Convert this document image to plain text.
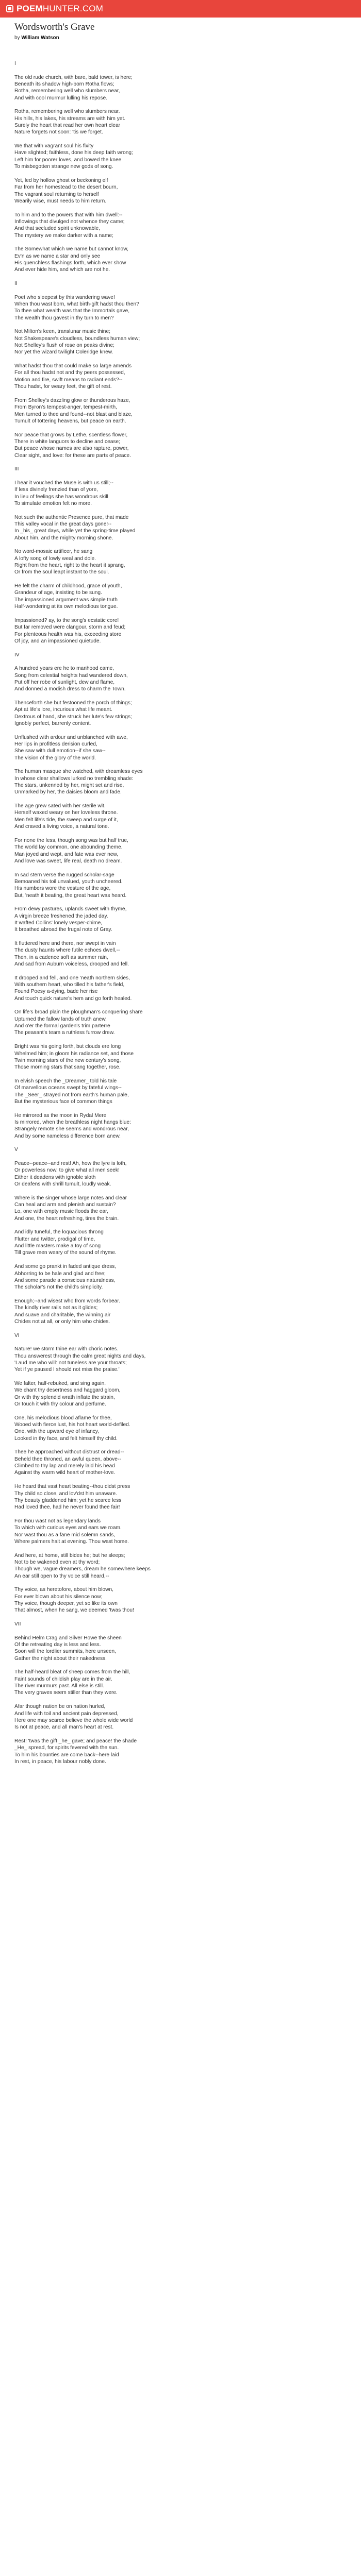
POEMHUNTER.COM
Wordsworth's Grave
by William Watson
I
The old rude church, with bare, bald tower, is here;
Beneath its shadow high-born Rotha flows;
Rotha, remembering well who slumbers near,
And with cool murmur lulling his repose.
Rotha, remembering well who slumbers near.
His hills, his lakes, his streams are with him yet.
Surely the heart that read her own heart clear
Nature forgets not soon: 'tis we forget.
We that with vagrant soul his fixity
Have slighted; faithless, done his deep faith wrong;
Left him for poorer loves, and bowed the knee
To misbegotten strange new gods of song.
Yet, led by hollow ghost or beckoning elf
Far from her homestead to the desert bourn,
The vagrant soul returning to herself
Wearily wise, must needs to him return.
To him and to the powers that with him dwell:--
Inflowings that divulged not whence they came;
And that secluded spirit unknowable,
The mystery we make darker with a name;
The Somewhat which we name but cannot know,
Ev'n as we name a star and only see
His quenchless flashings forth, which ever show
And ever hide him, and which are not he.
II
Poet who sleepest by this wandering wave!
When thou wast born, what birth-gift hadst thou then?
To thee what wealth was that the Immortals gave,
The wealth thou gavest in thy turn to men?
Not Milton's keen, translunar music thine;
Not Shakespeare's cloudless, boundless human view;
Not Shelley's flush of rose on peaks divine;
Nor yet the wizard twilight Coleridge knew.
What hadst thou that could make so large amends
For all thou hadst not and thy peers possessed,
Motion and fire, swift means to radiant ends?--
Thou hadst, for weary feet, the gift of rest.
From Shelley's dazzling glow or thunderous haze,
From Byron's tempest-anger, tempest-mirth,
Men turned to thee and found--not blast and blaze,
Tumult of tottering heavens, but peace on earth.
Nor peace that grows by Lethe, scentless flower,
There in white languors to decline and cease;
But peace whose names are also rapture, power,
Clear sight, and love: for these are parts of peace.
III
I hear it vouched the Muse is with us still;--
If less divinely frenzied than of yore,
In lieu of feelings she has wondrous skill
To simulate emotion felt no more.
Not such the authentic Presence pure, that made
This valley vocal in the great days gone!--
In _his_ great days, while yet the spring-time played
About him, and the mighty morning shone.
No word-mosaic artificer, he sang
A lofty song of lowly weal and dole.
Right from the heart, right to the heart it sprang,
Or from the soul leapt instant to the soul.
He felt the charm of childhood, grace of youth,
Grandeur of age, insisting to be sung.
The impassioned argument was simple truth
Half-wondering at its own melodious tongue.
Impassioned? ay, to the song's ecstatic core!
But far removed were clangour, storm and feud;
For plenteous health was his, exceeding store
Of joy, and an impassioned quietude.
IV
A hundred years ere he to manhood came,
Song from celestial heights had wandered down,
Put off her robe of sunlight, dew and flame,
And donned a modish dress to charm the Town.
Thenceforth she but festooned the porch of things;
Apt at life's lore, incurious what life meant.
Dextrous of hand, she struck her lute's few strings;
Ignobly perfect, barrenly content.
Unflushed with ardour and unblanched with awe,
Her lips in profitless derision curled,
She saw with dull emotion--if she saw--
The vision of the glory of the world.
The human masque she watched, with dreamless eyes
In whose clear shallows lurked no trembling shade:
The stars, unkenned by her, might set and rise,
Unmarked by her, the daisies bloom and fade.
The age grew sated with her sterile wit.
Herself waxed weary on her loveless throne.
Men felt life's tide, the sweep and surge of it,
And craved a living voice, a natural tone.
For none the less, though song was but half true,
The world lay common, one abounding theme.
Man joyed and wept, and fate was ever new,
And love was sweet, life real, death no dream.
In sad stern verse the rugged scholar-sage
Bemoaned his toil unvalued, youth uncheered.
His numbers wore the vesture of the age,
But, 'neath it beating, the great heart was heard.
From dewy pastures, uplands sweet with thyme,
A virgin breeze freshened the jaded day.
It wafted Collins' lonely vesper-chime,
It breathed abroad the frugal note of Gray.
It fluttered here and there, nor swept in vain
The dusty haunts where futile echoes dwell,--
Then, in a cadence soft as summer rain,
And sad from Auburn voiceless, drooped and fell.
It drooped and fell, and one 'neath northern skies,
With southern heart, who tilled his father's field,
Found Poesy a-dying, bade her rise
And touch quick nature's hem and go forth healed.
On life's broad plain the ploughman's conquering share
Upturned the fallow lands of truth anew,
And o'er the formal garden's trim parterre
The peasant's team a ruthless furrow drew.
Bright was his going forth, but clouds ere long
Whelmed him; in gloom his radiance set, and those
Twin morning stars of the new century's song,
Those morning stars that sang together, rose.
In elvish speech the _Dreamer_ told his tale
Of marvellous oceans swept by fateful wings--
The _Seer_ strayed not from earth's human pale,
But the mysterious face of common things
He mirrored as the moon in Rydal Mere
Is mirrored, when the breathless night hangs blue:
Strangely remote she seems and wondrous near,
And by some nameless difference born anew.
V
Peace--peace--and rest! Ah, how the lyre is loth,
Or powerless now, to give what all men seek!
Either it deadens with ignoble sloth
Or deafens with shrill tumult, loudly weak.
Where is the singer whose large notes and clear
Can heal and arm and plenish and sustain?
Lo, one with empty music floods the ear,
And one, the heart refreshing, tires the brain.
And idly tuneful, the loquacious throng
Flutter and twitter, prodigal of time,
And little masters make a toy of song
Till grave men weary of the sound of rhyme.
And some go prankt in faded antique dress,
Abhorring to be hale and glad and free;
And some parade a conscious naturalness,
The scholar's not the child's simplicity.
Enough;--and wisest who from words forbear.
The kindly river rails not as it glides;
And suave and charitable, the winning air
Chides not at all, or only him who chides.
VI
Nature! we storm thine ear with choric notes.
Thou answerest through the calm great nights and days,
'Laud me who will: not tuneless are your throats;
Yet if ye paused I should not miss the praise.'
We falter, half-rebuked, and sing again.
We chant thy desertness and haggard gloom,
Or with thy splendid wrath inflate the strain,
Or touch it with thy colour and perfume.
One, his melodious blood aflame for thee,
Wooed with fierce lust, his hot heart world-defiled.
One, with the upward eye of infancy,
Looked in thy face, and felt himself thy child.
Thee he approached without distrust or dread--
Beheld thee throned, an awful queen, above--
Climbed to thy lap and merely laid his head
Against thy warm wild heart of mother-love.
He heard that vast heart beating--thou didst press
Thy child so close, and lov'dst him unaware.
Thy beauty gladdened him; yet he scarce less
Had loved thee, had he never found thee fair!
For thou wast not as legendary lands
To which with curious eyes and ears we roam.
Nor wast thou as a fane mid solemn sands,
Where palmers halt at evening. Thou wast home.
And here, at home, still bides he; but he sleeps;
Not to be wakened even at thy word;
Though we, vague dreamers, dream he somewhere keeps
An ear still open to thy voice still heard,--
Thy voice, as heretofore, about him blown,
For ever blown about his silence now;
Thy voice, though deeper, yet so like its own
That almost, when he sang, we deemed 'twas thou!
VII
Behind Helm Crag and Silver Howe the sheen
Of the retreating day is less and less.
Soon will the lordlier summits, here unseen,
Gather the night about their nakedness.
The half-heard bleat of sheep comes from the hill,
Faint sounds of childish play are in the air.
The river murmurs past. All else is still.
The very graves seem stiller than they were.
Afar though nation be on nation hurled,
And life with toil and ancient pain depressed,
Here one may scarce believe the whole wide world
Is not at peace, and all man's heart at rest.
Rest! 'twas the gift _he_ gave; and peace! the shade
_He_ spread, for spirits fevered with the sun.
To him his bounties are come back--here laid
In rest, in peace, his labour nobly done.
